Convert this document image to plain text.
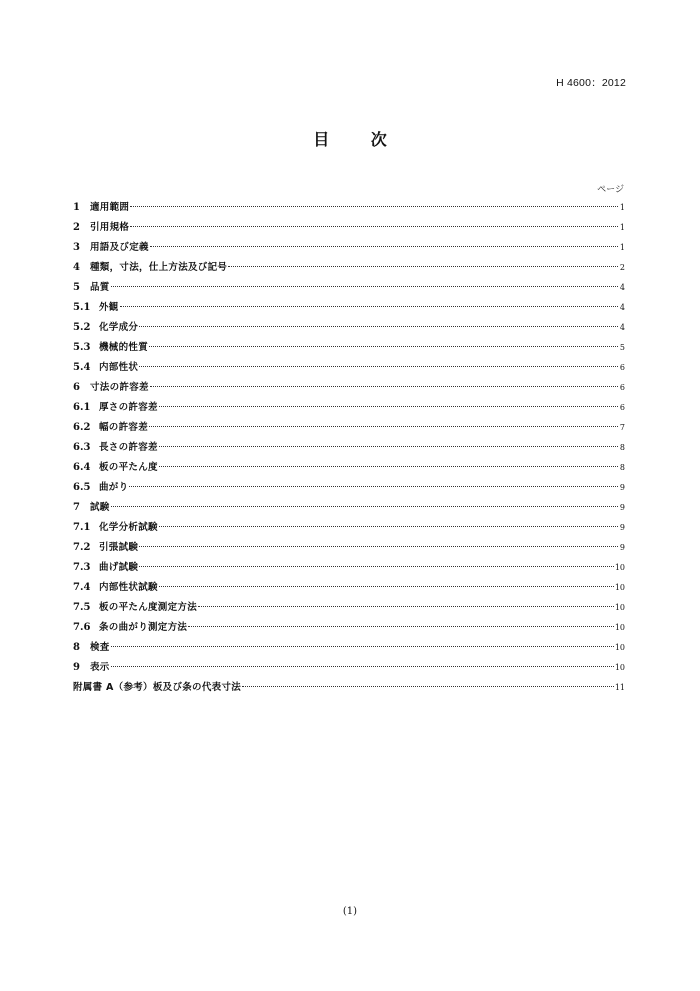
H 4600：2012
目 次
ページ
1	適用範囲	1
2	引用規格	1
3	用語及び定義	1
4	種類，寸法，仕上方法及び記号	2
5	品質	4
5.1 外観	4
5.2 化学成分	4
5.3 機械的性質	5
5.4 内部性状	6
6	寸法の許容差	6
6.1 厚さの許容差	6
6.2 幅の許容差	7
6.3 長さの許容差	8
6.4 板の平たん度	8
6.5 曲がり	9
7	試験	9
7.1 化学分析試験	9
7.2 引張試験	9
7.3 曲げ試験	10
7.4 内部性状試験	10
7.5 板の平たん度測定方法	10
7.6 条の曲がり測定方法	10
8	検査	10
9	表示	10
附属書 A（参考）板及び条の代表寸法	11
(1)
